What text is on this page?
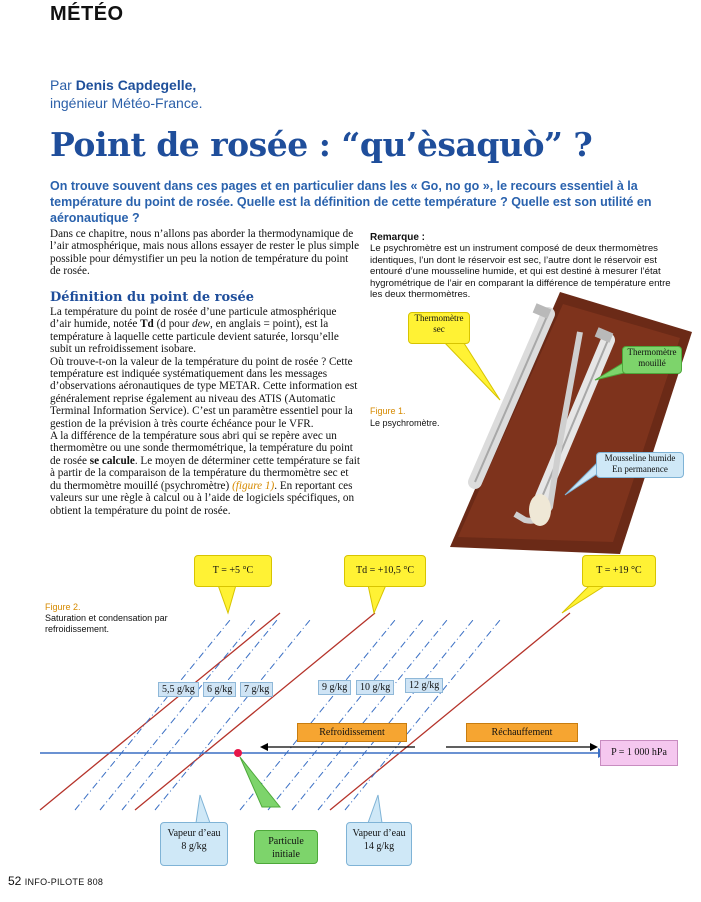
MÉTÉO
Par Denis Capdegelle,
ingénieur Météo-France.
Point de rosée : “qu’èsaquò” ?
On trouve souvent dans ces pages et en particulier dans les « Go, no go », le recours essentiel à la température du point de rosée. Quelle est la définition de cette température ? Quelle est son utilité en aéronautique ?
Dans ce chapitre, nous n’allons pas aborder la thermodynamique de l’air atmosphérique, mais nous allons essayer de rester le plus simple possible pour démystifier un peu la notion de température du point de rosée.
Définition du point de rosée
La température du point de rosée d’une particule atmosphérique d’air humide, notée Td (d pour dew, en anglais = point), est la température à laquelle cette particule devient saturée, lorsqu’elle subit un refroidissement isobare.
Où trouve-t-on la valeur de la température du point de rosée ? Cette température est indiquée systématiquement dans les messages d’observations aéronautiques de type METAR. Cette information est généralement reprise également au niveau des ATIS (Automatic Terminal Information Service). C’est un paramètre essentiel pour la gestion de la prévision à très courte échéance pour le VFR.
A la différence de la température sous abri qui se repère avec un thermomètre ou une sonde thermométrique, la température du point de rosée se calcule. Le moyen de déterminer cette température se fait à partir de la comparaison de la température du thermomètre sec et du thermomètre mouillé (psychromètre) (figure 1). En reportant ces valeurs sur une règle à calcul ou à l’aide de logiciels spécifiques, on obtient la température du point de rosée.
Remarque :
Le psychromètre est un instrument composé de deux thermomètres identiques, l’un dont le réservoir est sec, l’autre dont le réservoir est entouré d’une mousseline humide, et qui est destiné à mesurer l’état hygrométrique de l’air en comparant la différence de température entre les deux thermomètres.
Figure 1.
Le psychromètre.
Thermomètre
sec
Thermomètre
mouillé
Mousseline humide
En permanence
Figure 2.
Saturation et condensation par refroidissement.
T = +5 °C	Td = +10,5 °C	T = +19 °C
5,5 g/kg	6 g/kg	7 g/kg	9 g/kg	10 g/kg	12 g/kg
Refroidissement	Réchauffement
P = 1 000 hPa
Vapeur d’eau
8 g/kg	Particule
initiale
Vapeur d’eau
14 g/kg
52 INFO-PILOTE 808
